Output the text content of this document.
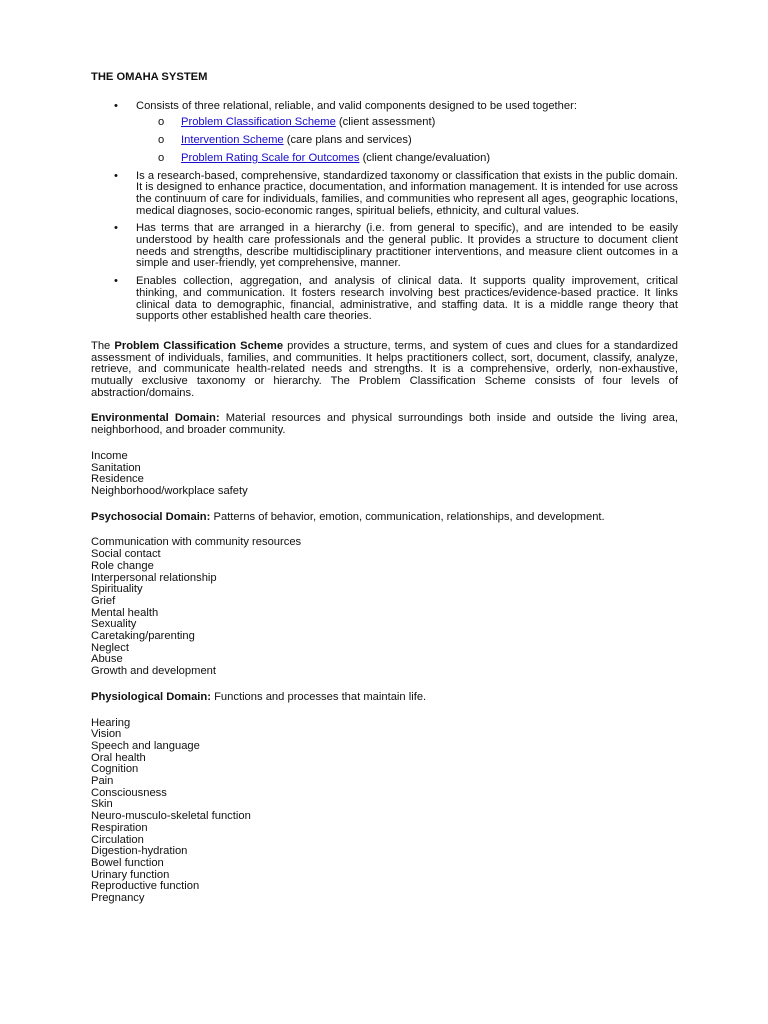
THE OMAHA SYSTEM
• Consists of three relational, reliable, and valid components designed to be used together:
o Problem Classification Scheme (client assessment)
o Intervention Scheme (care plans and services)
o Problem Rating Scale for Outcomes (client change/evaluation)
• Is a research-based, comprehensive, standardized taxonomy or classification that exists in the public domain. It is designed to enhance practice, documentation, and information management. It is intended for use across the continuum of care for individuals, families, and communities who represent all ages, geographic locations, medical diagnoses, socio-economic ranges, spiritual beliefs, ethnicity, and cultural values.
• Has terms that are arranged in a hierarchy (i.e. from general to specific), and are intended to be easily understood by health care professionals and the general public. It provides a structure to document client needs and strengths, describe multidisciplinary practitioner interventions, and measure client outcomes in a simple and user-friendly, yet comprehensive, manner.
• Enables collection, aggregation, and analysis of clinical data. It supports quality improvement, critical thinking, and communication. It fosters research involving best practices/evidence-based practice. It links clinical data to demographic, financial, administrative, and staffing data. It is a middle range theory that supports other established health care theories.

The Problem Classification Scheme provides a structure, terms, and system of cues and clues for a standardized assessment of individuals, families, and communities. It helps practitioners collect, sort, document, classify, analyze, retrieve, and communicate health-related needs and strengths. It is a comprehensive, orderly, non-exhaustive, mutually exclusive taxonomy or hierarchy. The Problem Classification Scheme consists of four levels of abstraction/domains.

Environmental Domain: Material resources and physical surroundings both inside and outside the living area, neighborhood, and broader community.

Income
Sanitation
Residence
Neighborhood/workplace safety

Psychosocial Domain: Patterns of behavior, emotion, communication, relationships, and development.

Communication with community resources
Social contact
Role change
Interpersonal relationship
Spirituality
Grief
Mental health
Sexuality
Caretaking/parenting
Neglect
Abuse
Growth and development

Physiological Domain: Functions and processes that maintain life.

Hearing
Vision
Speech and language
Oral health
Cognition
Pain
Consciousness
Skin
Neuro-musculo-skeletal function
Respiration
Circulation
Digestion-hydration
Bowel function
Urinary function
Reproductive function
Pregnancy
